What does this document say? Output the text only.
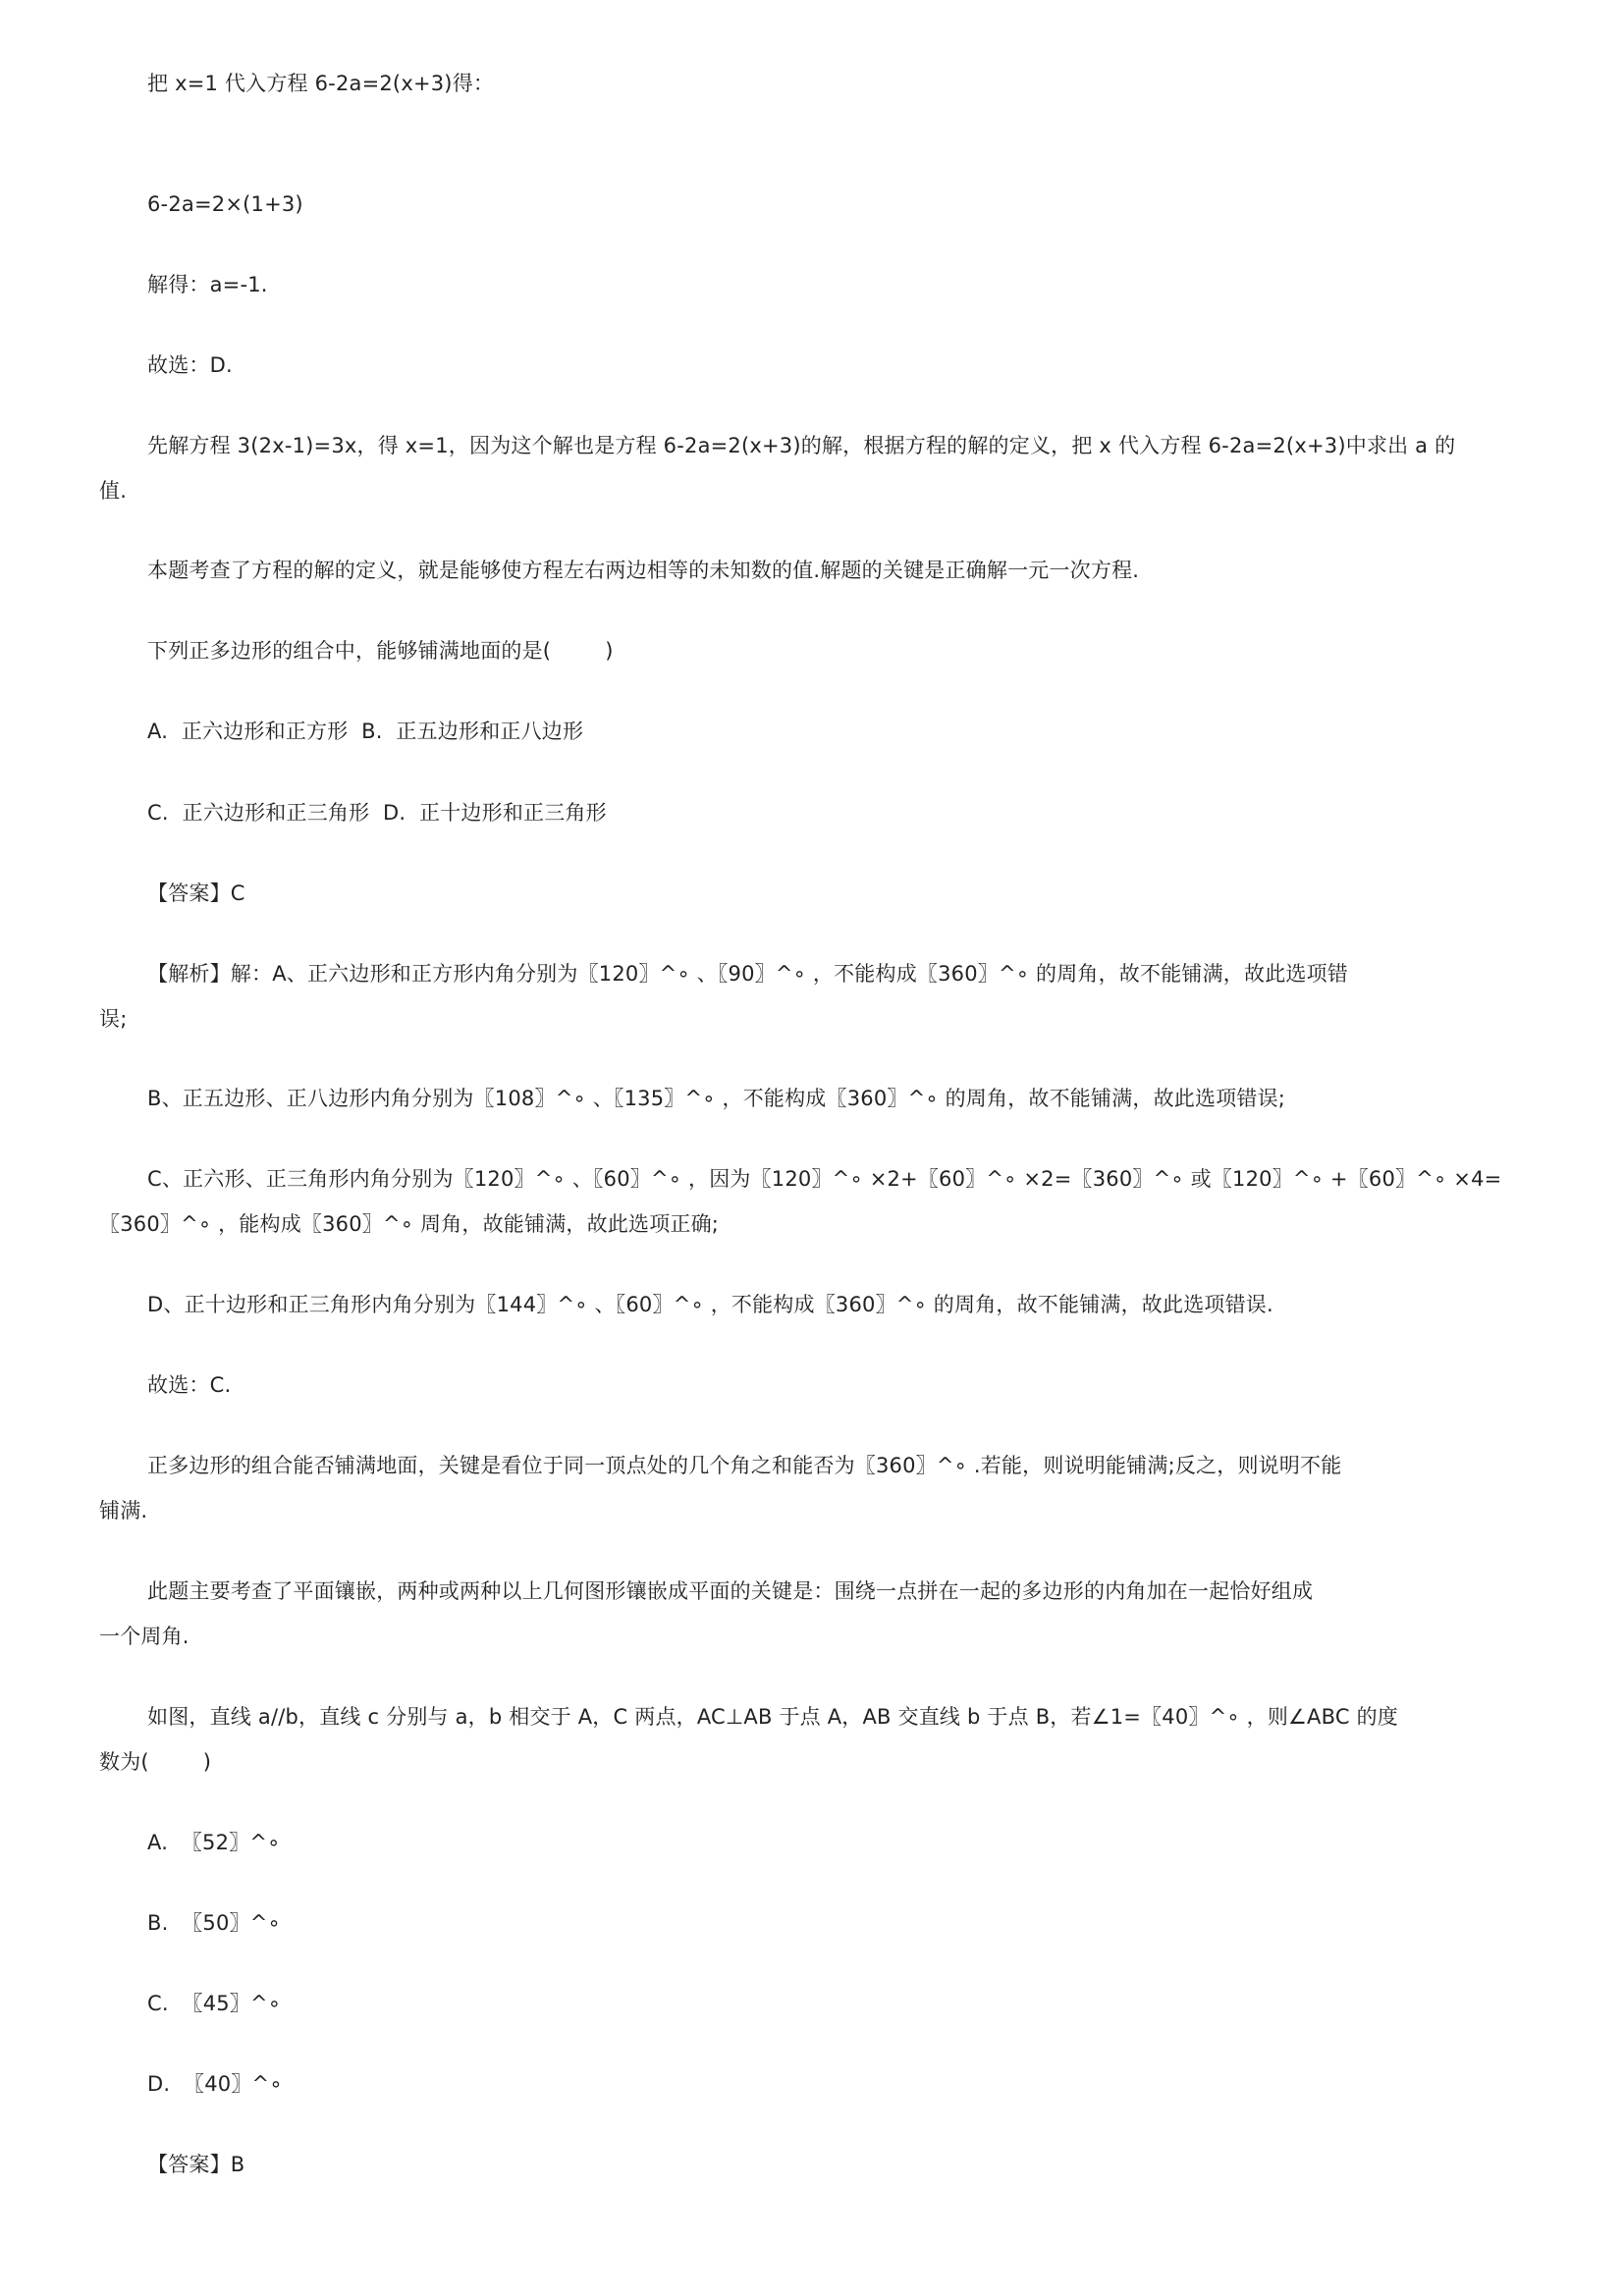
把 x=1 代入方程 6-2a=2(x+3)得：
6-2a=2×(1+3)
解得：a=-1.
故选：D.
先解方程 3(2x-1)=3x，得 x=1，因为这个解也是方程 6-2a=2(x+3)的解，根据方程的解的定义，把 x 代入方程 6-2a=2(x+3)中求出 a 的
值.
本题考查了方程的解的定义，就是能够使方程左右两边相等的未知数的值.解题的关键是正确解一元一次方程.
下列正多边形的组合中，能够铺满地面的是(        )
A.  正六边形和正方形  B.  正五边形和正八边形
C.  正六边形和正三角形  D.  正十边形和正三角形
【答案】C
【解析】解：A、正六边形和正方形内角分别为〖120〗^∘ 、〖90〗^∘ ，不能构成〖360〗^∘ 的周角，故不能铺满，故此选项错
误;
B、正五边形、正八边形内角分别为〖108〗^∘ 、〖135〗^∘ ，不能构成〖360〗^∘ 的周角，故不能铺满，故此选项错误;
C、正六形、正三角形内角分别为〖120〗^∘ 、〖60〗^∘ ，因为〖120〗^∘ ×2+〖60〗^∘ ×2=〖360〗^∘ 或〖120〗^∘ +〖60〗^∘ ×4=
〖360〗^∘ ，能构成〖360〗^∘ 周角，故能铺满，故此选项正确;
D、正十边形和正三角形内角分别为〖144〗^∘ 、〖60〗^∘ ，不能构成〖360〗^∘ 的周角，故不能铺满，故此选项错误.
故选：C.
正多边形的组合能否铺满地面，关键是看位于同一顶点处的几个角之和能否为〖360〗^∘ .若能，则说明能铺满;反之，则说明不能
铺满.
此题主要考查了平面镶嵌，两种或两种以上几何图形镶嵌成平面的关键是：围绕一点拼在一起的多边形的内角加在一起恰好组成
一个周角.
如图，直线 a//b，直线 c 分别与 a，b 相交于 A，C 两点，AC⊥AB 于点 A，AB 交直线 b 于点 B，若∠1=〖40〗^∘ ，则∠ABC 的度
数为(        )
A.  〖52〗^∘
B.  〖50〗^∘
C.  〖45〗^∘
D.  〖40〗^∘
【答案】B
